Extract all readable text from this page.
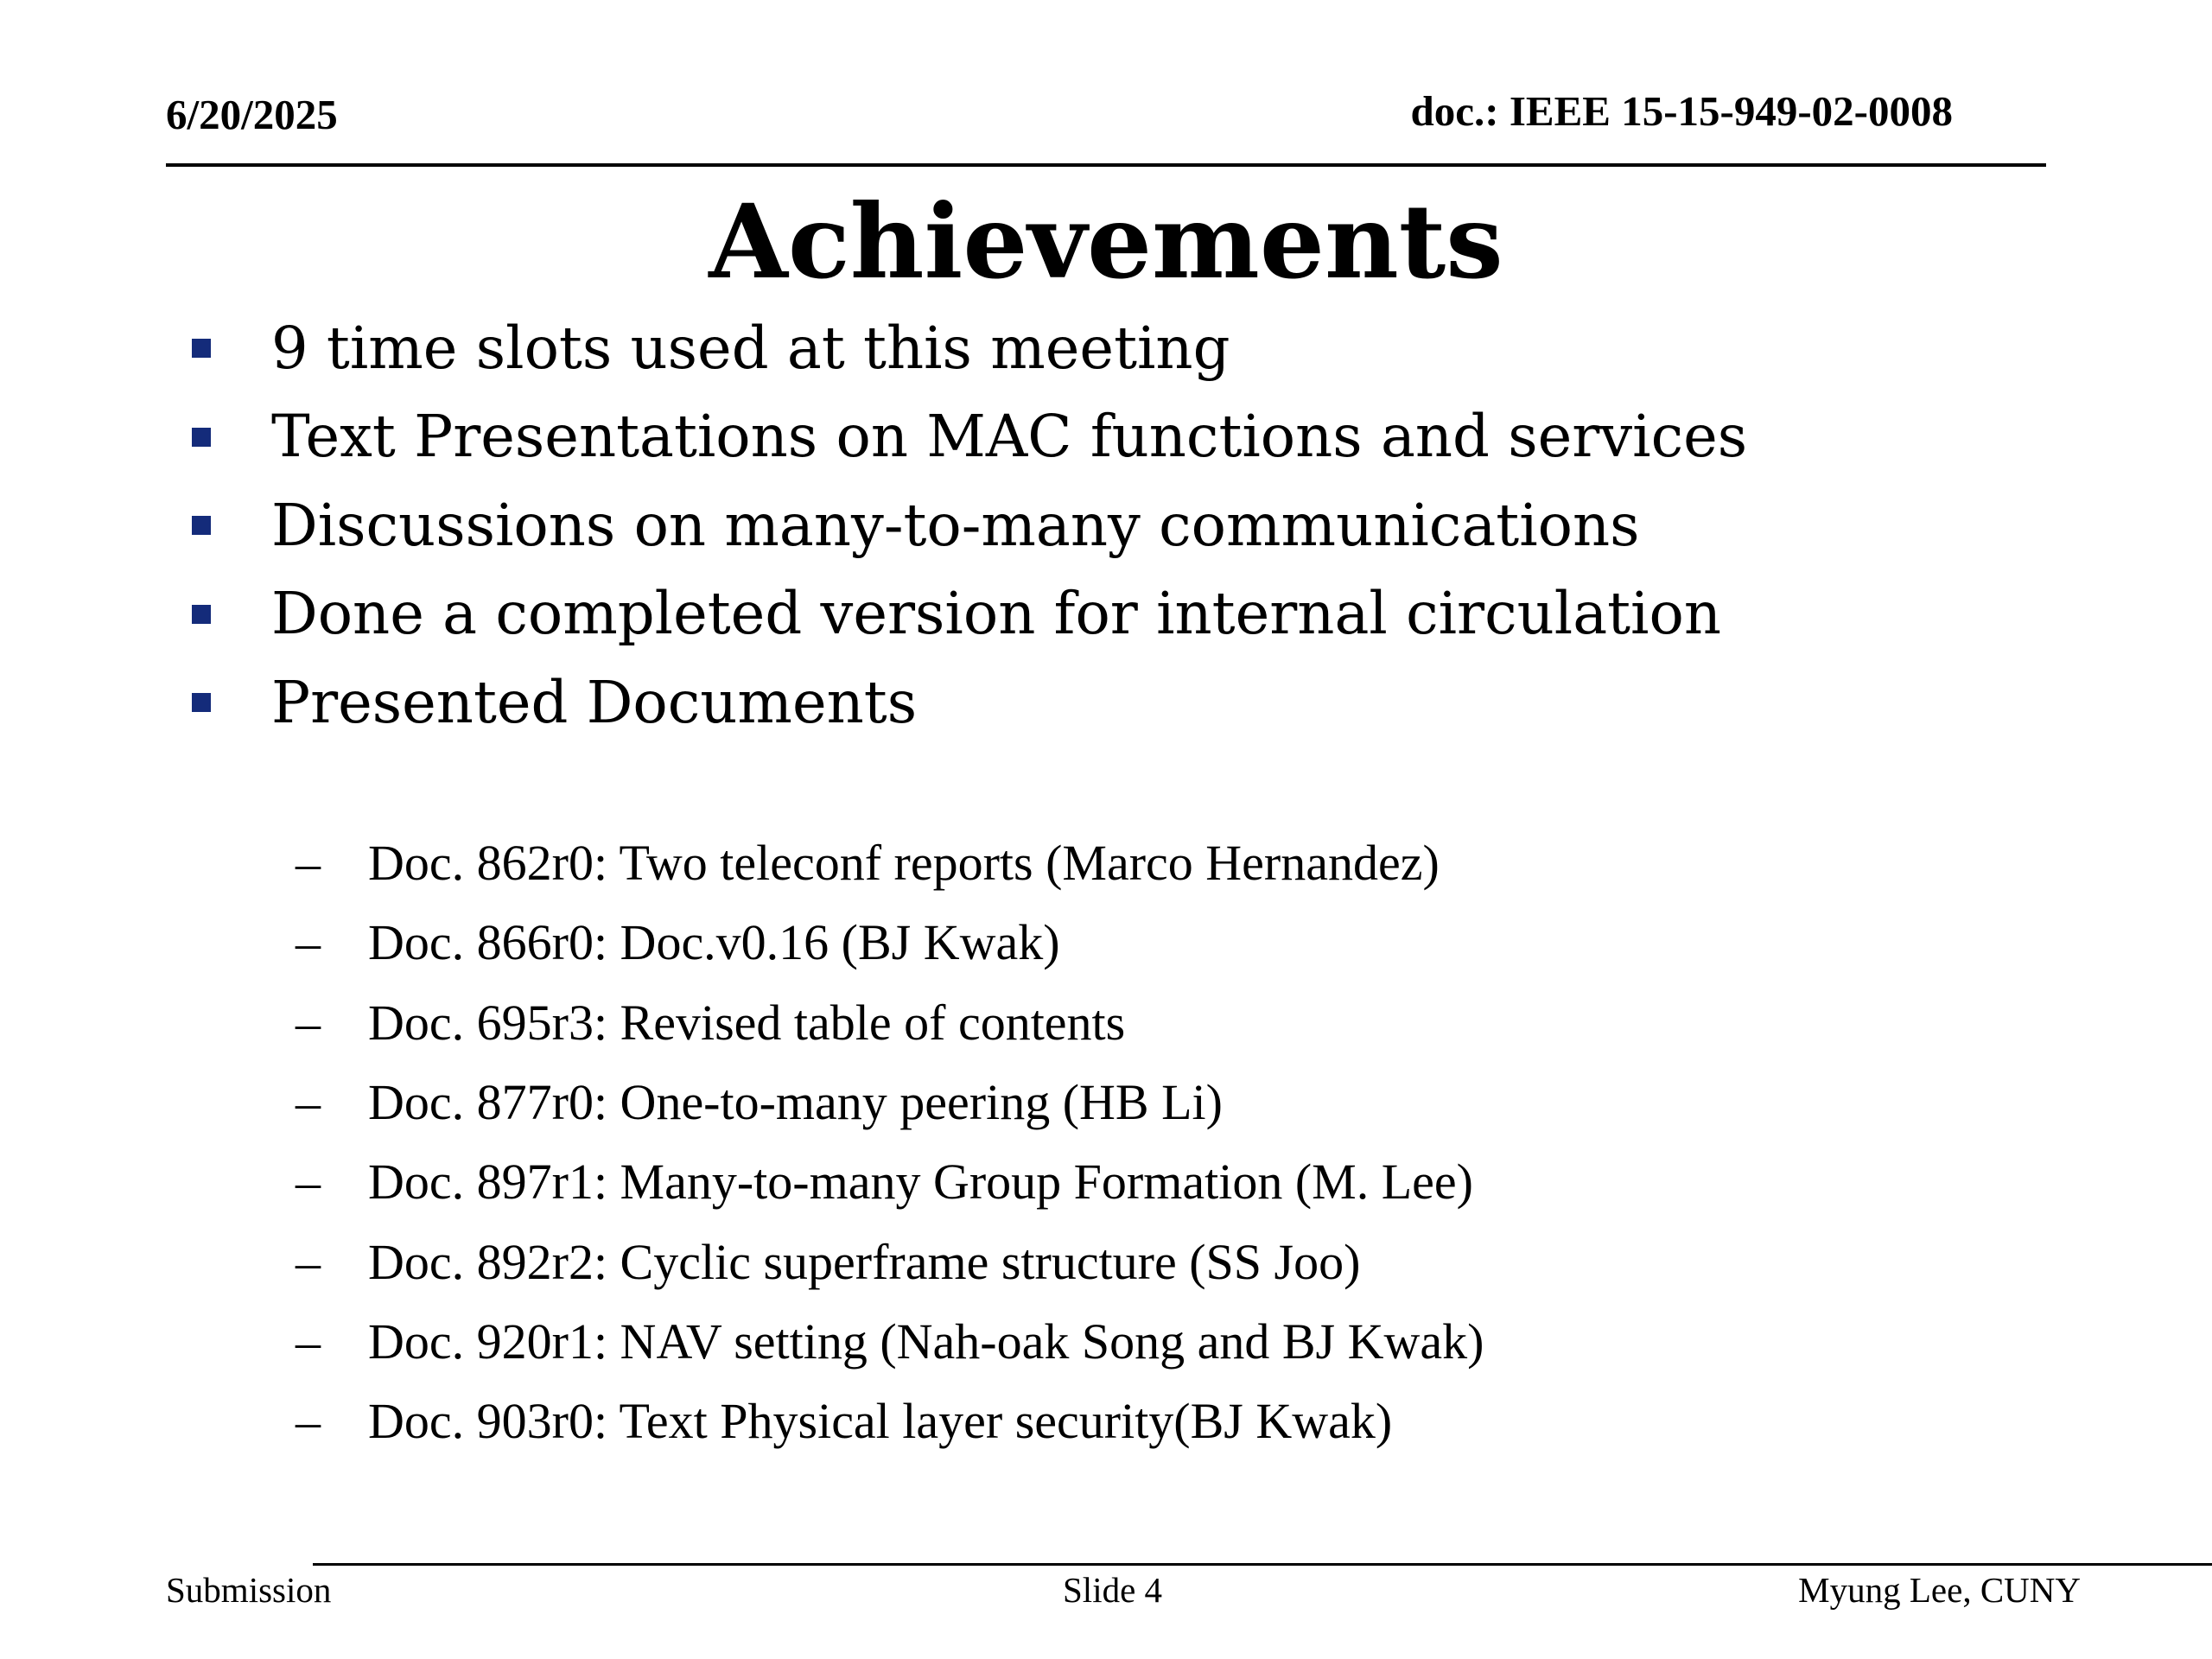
6/20/2025	doc.: IEEE 15-15-949-02-0008
Achievements
9 time slots used at this meeting
Text Presentations on MAC functions and services
Discussions on many-to-many communications
Done a completed version for internal circulation
Presented Documents
– Doc. 862r0: Two teleconf reports (Marco Hernandez)
– Doc. 866r0: Doc.v0.16 (BJ Kwak)
– Doc. 695r3: Revised table of contents
– Doc. 877r0: One-to-many peering (HB Li)
– Doc. 897r1: Many-to-many Group Formation (M. Lee)
– Doc. 892r2: Cyclic superframe structure (SS Joo)
– Doc. 920r1: NAV setting (Nah-oak Song and BJ Kwak)
– Doc. 903r0: Text Physical layer security(BJ Kwak)
Submission	Slide 4	Myung Lee, CUNY
